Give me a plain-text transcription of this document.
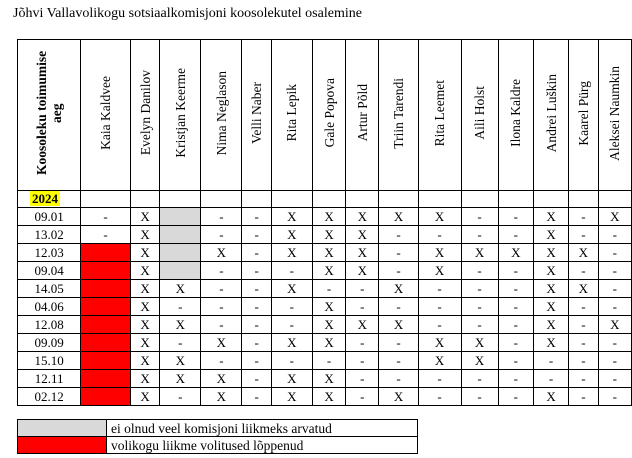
Jõhvi Vallavolikogu sotsiaalkomisjoni koosolekutel osalemine
Koosoleku toimumise aeg	Kaia Kaldvee	Evelyn Danilov	Kristjan Keerme	Nima Neglason	Velli Naber	Rita Lepik	Gale Popova	Artur Põld	Triin Tarendi	Rita Leemet	Aili Holst	Ilona Kaldre	Andrei Luškin	Kaarel Pürg	Aleksei Naumkin
2024															
09.01	-	X		-	-	X	X	X	X	X	-	-	X	-	X
13.02	-	X		-	-	X	X	X	-	-	-	-	X	-	-
12.03		X		X	-	X	X	X	-	X	X	X	X	X	-
09.04		X		-	-	-	X	X	-	X	-	-	X	-	-
14.05		X	X	-	-	X	-	-	X	-	-	-	X	X	-
04.06		X	-	-	-	-	X	-	-	-	-	-	X	-	-
12.08		X	X	-	-	-	X	X	X	-	-	-	X	-	X
09.09		X	-	X	-	X	X	-	-	X	X	-	X	-	-
15.10		X	X	-	-	-	-	-	-	X	X	-	-	-	-
12.11		X	X	X	-	X	X	-	-	-	-	-	-	-	-
02.12		X	-	X	-	X	X	-	X	-	-	-	X	-	-
	ei olnud veel komisjoni liikmeks arvatud
	volikogu liikme volitused lõppenud
